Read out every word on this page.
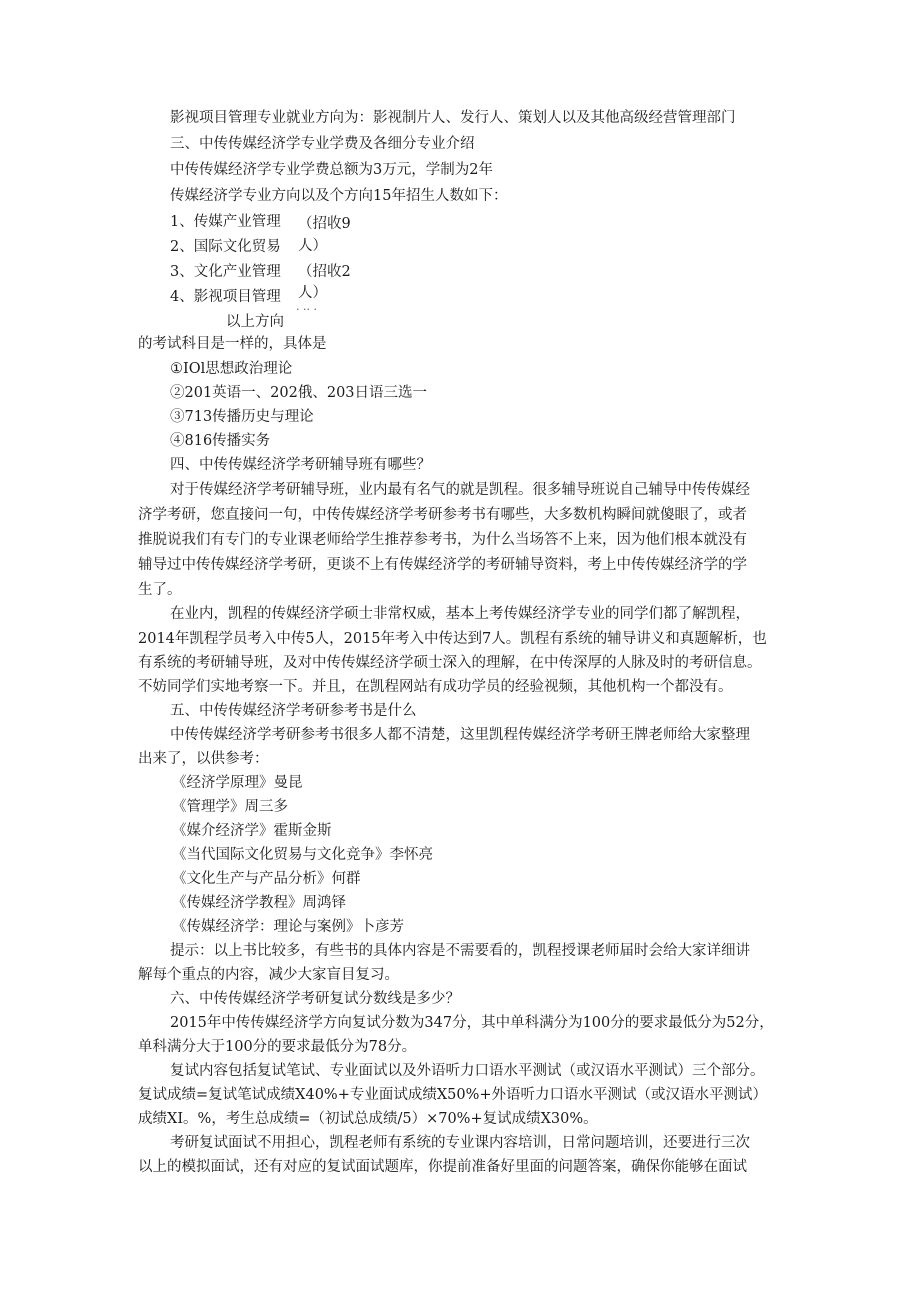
影视项目管理专业就业方向为：影视制片人、发行人、策划人以及其他高级经营管理部门
三、中传传媒经济学专业学费及各细分专业介绍
中传传媒经济学专业学费总额为3万元，学制为2年
传媒经济学专业方向以及个方向15年招生人数如下：
1、传媒产业管理
2、国际文化贸易
3、文化产业管理
4、影视项目管理
（招收9
人）
（招收2
人）
· ·· ·
以上方向
的考试科目是一样的，具体是
①IOl思想政治理论
②201英语一、202俄、203日语三选一
③713传播历史与理论
④816传播实务
四、中传传媒经济学考研辅导班有哪些？
对于传媒经济学考研辅导班，业内最有名气的就是凯程。很多辅导班说自己辅导中传传媒经
济学考研，您直接问一句，中传传媒经济学考研参考书有哪些，大多数机构瞬间就傻眼了，或者
推脱说我们有专门的专业课老师给学生推荐参考书，为什么当场答不上来，因为他们根本就没有
辅导过中传传媒经济学考研，更谈不上有传媒经济学的考研辅导资料，考上中传传媒经济学的学
生了。
在业内，凯程的传媒经济学硕士非常权威，基本上考传媒经济学专业的同学们都了解凯程，
2014年凯程学员考入中传5人，2015年考入中传达到7人。凯程有系统的辅导讲义和真题解析，也
有系统的考研辅导班，及对中传传媒经济学硕士深入的理解，在中传深厚的人脉及时的考研信息。
不妨同学们实地考察一下。并且，在凯程网站有成功学员的经验视频，其他机构一个都没有。
五、中传传媒经济学考研参考书是什么
中传传媒经济学考研参考书很多人都不清楚，这里凯程传媒经济学考研王牌老师给大家整理
出来了，以供参考：
《经济学原理》曼昆
《管理学》周三多
《媒介经济学》霍斯金斯
《当代国际文化贸易与文化竞争》李怀亮
《文化生产与产品分析》何群
《传媒经济学教程》周鸿铎
《传媒经济学：理论与案例》卜彦芳
提示：以上书比较多，有些书的具体内容是不需要看的，凯程授课老师届时会给大家详细讲
解每个重点的内容，减少大家盲目复习。
六、中传传媒经济学考研复试分数线是多少？
2015年中传传媒经济学方向复试分数为347分，其中单科满分为100分的要求最低分为52分，
单科满分大于100分的要求最低分为78分。
复试内容包括复试笔试、专业面试以及外语听力口语水平测试（或汉语水平测试）三个部分。
复试成绩=复试笔试成绩X40%+专业面试成绩X50%+外语听力口语水平测试（或汉语水平测试）
成绩XI。%，考生总成绩=（初试总成绩/5）×70%+复试成绩X30%。
考研复试面试不用担心，凯程老师有系统的专业课内容培训，日常问题培训，还要进行三次
以上的模拟面试，还有对应的复试面试题库，你提前准备好里面的问题答案，确保你能够在面试
